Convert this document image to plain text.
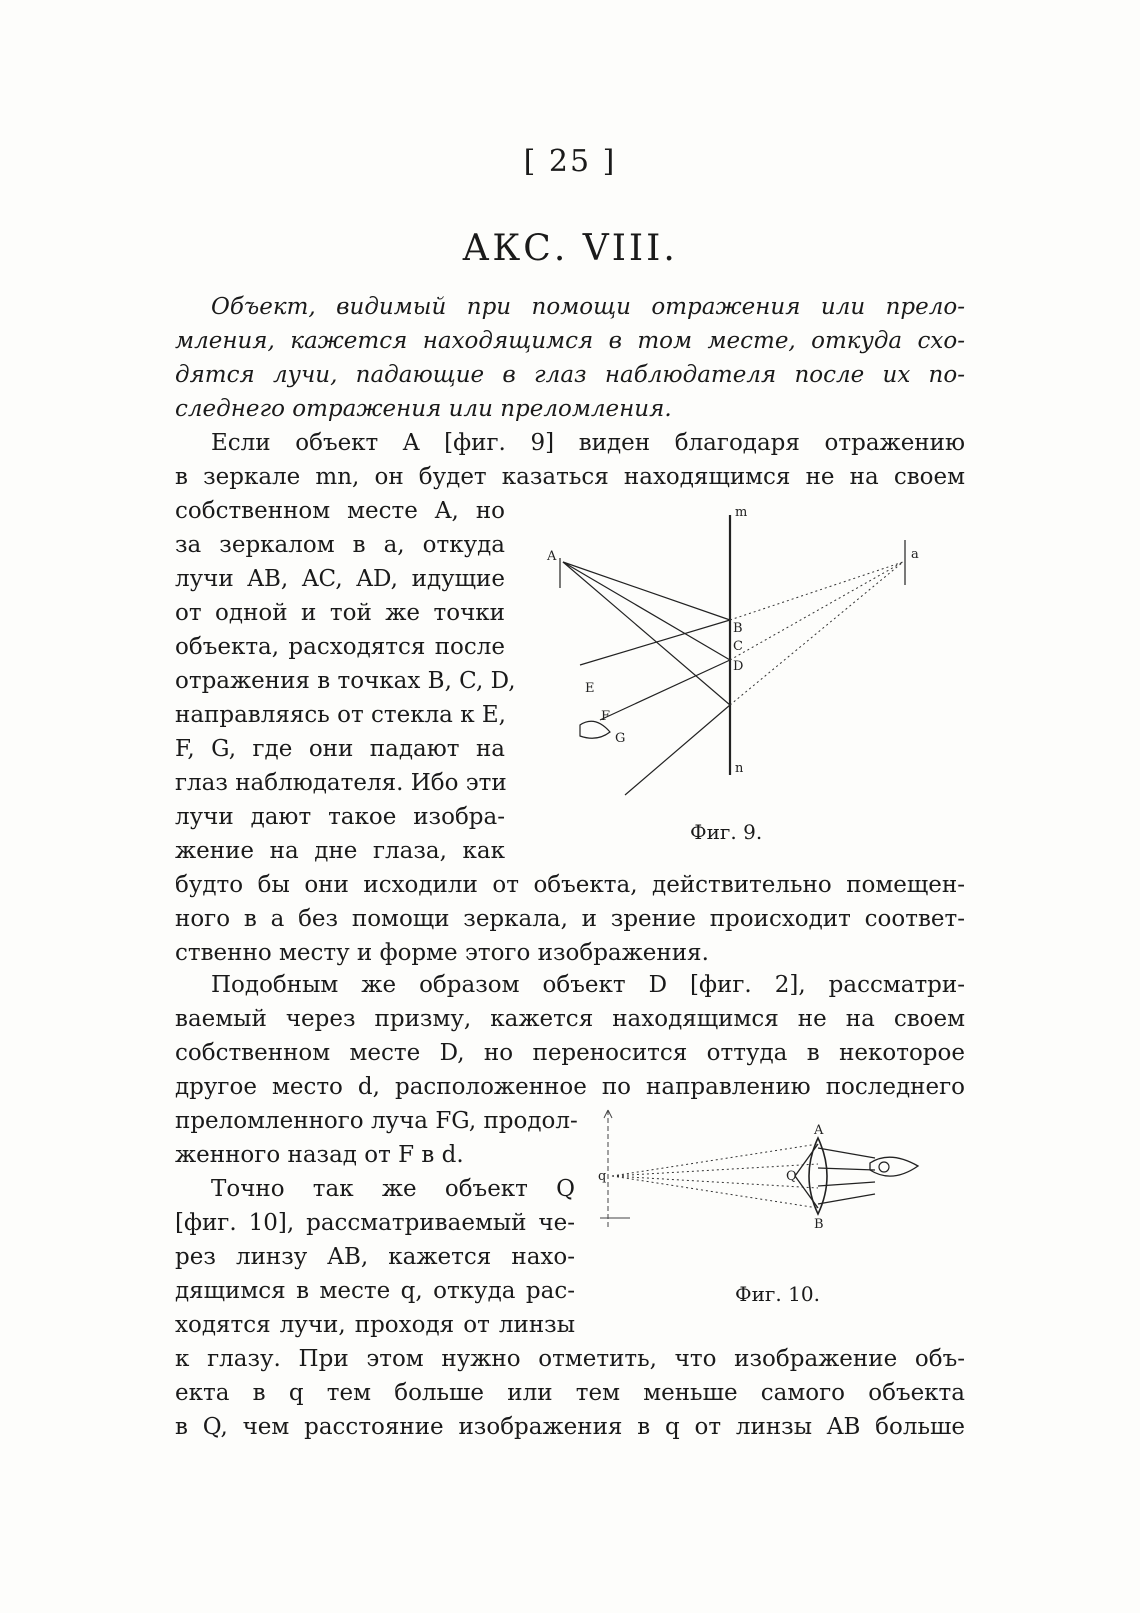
[ 25 ]
АКС. VIII.
Объект, видимый при помощи отражения или прело-
мления, кажется находящимся в том месте, откуда схо-
дятся лучи, падающие в глаз наблюдателя после их по-
следнего отражения или преломления.
Если объект A [фиг. 9] виден благодаря отражению
в зеркале mn, он будет казаться находящимся не на своем
собственном месте A, но
за зеркалом в a, откуда
лучи AB, AC, AD, идущие
от одной и той же точки
объекта, расходятся после
отражения в точках B, C, D,
направляясь от стекла к E,
F, G, где они падают на
глаз наблюдателя. Ибо эти
лучи дают такое изобра-
жение на дне глаза, как
m
n
A	a
B
C
D
E
F
G
Фиг. 9.
будто бы они исходили от объекта, действительно помещен-
ного в a без помощи зеркала, и зрение происходит соответ-
ственно месту и форме этого изображения.
Подобным же образом объект D [фиг. 2], рассматри-
ваемый через призму, кажется находящимся не на своем
собственном месте D, но переносится оттуда в некоторое
другое место d, расположенное по направлению последнего
преломленного луча FG, продол-
женного назад от F в d.
Точно так же объект Q
[фиг. 10], рассматриваемый че-
рез линзу AB, кажется нахо-
дящимся в месте q, откуда рас-
ходятся лучи, проходя от линзы
A
B
Q
q
Фиг. 10.
к глазу. При этом нужно отметить, что изображение объ-
екта в q тем больше или тем меньше самого объекта
в Q, чем расстояние изображения в q от линзы AB больше
